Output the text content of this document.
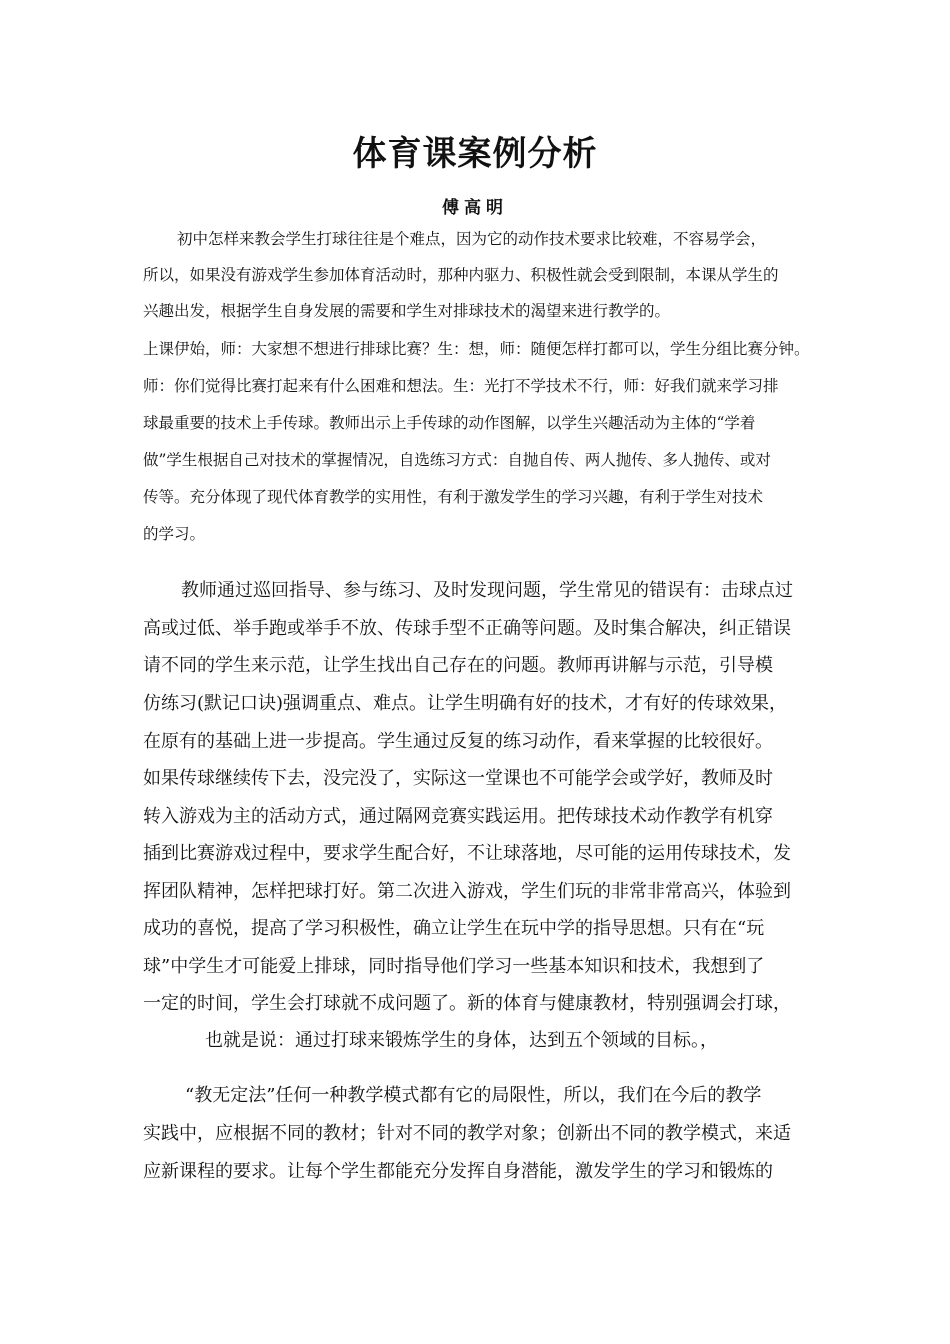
体育课案例分析

傅高明

初中怎样来教会学生打球往往是个难点，因为它的动作技术要求比较难，不容易学会，

所以，如果没有游戏学生参加体育活动时，那种内驱力、积极性就会受到限制，本课从学生的

兴趣出发，根据学生自身发展的需要和学生对排球技术的渴望来进行教学的。

上课伊始，师：大家想不想进行排球比赛？生：想，师：随便怎样打都可以，学生分组比赛分钟。

师：你们觉得比赛打起来有什么困难和想法。生：光打不学技术不行，师：好我们就来学习排

球最重要的技术上手传球。教师出示上手传球的动作图解，以学生兴趣活动为主体的“学着

做”学生根据自己对技术的掌握情况，自选练习方式：自抛自传、两人抛传、多人抛传、或对

传等。充分体现了现代体育教学的实用性，有利于激发学生的学习兴趣，有利于学生对技术

的学习。

教师通过巡回指导、参与练习、及时发现问题，学生常见的错误有：击球点过

高或过低、举手跑或举手不放、传球手型不正确等问题。及时集合解决，纠正错误

请不同的学生来示范，让学生找出自己存在的问题。教师再讲解与示范，引导模

仿练习(默记口诀)强调重点、难点。让学生明确有好的技术，才有好的传球效果，

在原有的基础上进一步提高。学生通过反复的练习动作，看来掌握的比较很好。

如果传球继续传下去，没完没了，实际这一堂课也不可能学会或学好，教师及时

转入游戏为主的活动方式，通过隔网竞赛实践运用。把传球技术动作教学有机穿

插到比赛游戏过程中，要求学生配合好，不让球落地，尽可能的运用传球技术，发

挥团队精神，怎样把球打好。第二次进入游戏，学生们玩的非常非常高兴，体验到

成功的喜悦，提高了学习积极性，确立让学生在玩中学的指导思想。只有在“玩

球”中学生才可能爱上排球，同时指导他们学习一些基本知识和技术，我想到了

一定的时间，学生会打球就不成问题了。新的体育与健康教材，特别强调会打球，

也就是说：通过打球来锻炼学生的身体，达到五个领域的目标。，

“教无定法”任何一种教学模式都有它的局限性，所以，我们在今后的教学

实践中，应根据不同的教材；针对不同的教学对象；创新出不同的教学模式，来适

应新课程的要求。让每个学生都能充分发挥自身潜能，激发学生的学习和锻炼的
